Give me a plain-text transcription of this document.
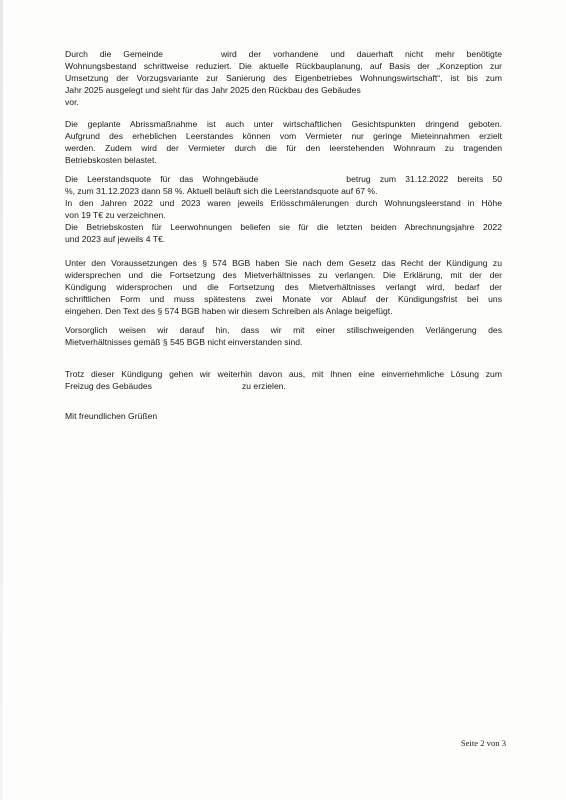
Durch die Gemeinde	wird der vorhandene und dauerhaft nicht mehr benötigte
Wohnungsbestand schrittweise reduziert. Die aktuelle Rückbauplanung, auf Basis der „Konzeption zur
Umsetzung der Vorzugsvariante zur Sanierung des Eigenbetriebes Wohnungswirtschaft“, ist bis zum
Jahr 2025 ausgelegt und sieht für das Jahr 2025 den Rückbau des Gebäudes
vor.
Die geplante Abrissmaßnahme ist auch unter wirtschaftlichen Gesichtspunkten dringend geboten.
Aufgrund des erheblichen Leerstandes können vom Vermieter nur geringe Mieteinnahmen erzielt
werden. Zudem wird der Vermieter durch die für den leerstehenden Wohnraum zu tragenden
Betriebskosten belastet.
Die Leerstandsquote für das Wohngebäude	betrug zum 31.12.2022 bereits 50
%, zum 31.12.2023 dann 58 %. Aktuell beläuft sich die Leerstandsquote auf 67 %.
In den Jahren 2022 und 2023 waren jeweils Erlösschmälerungen durch Wohnungsleerstand in Höhe
von 19 T€ zu verzeichnen.
Die Betriebskosten für Leerwohnungen beliefen sie für die letzten beiden Abrechnungsjahre 2022
und 2023 auf jeweils 4 T€.
Unter den Voraussetzungen des § 574 BGB haben Sie nach dem Gesetz das Recht der Kündigung zu
widersprechen und die Fortsetzung des Mietverhältnisses zu verlangen. Die Erklärung, mit der der
Kündigung widersprochen und die Fortsetzung des Mietverhältnisses verlangt wird, bedarf der
schriftlichen Form und muss spätestens zwei Monate vor Ablauf der Kündigungsfrist bei uns
eingehen. Den Text des § 574 BGB haben wir diesem Schreiben als Anlage beigefügt.
Vorsorglich weisen wir darauf hin, dass wir mit einer stillschweigenden Verlängerung des
Mietverhältnisses gemäß § 545 BGB nicht einverstanden sind.
Trotz dieser Kündigung gehen wir weiterhin davon aus, mit Ihnen eine einvernehmliche Lösung zum
Freizug des Gebäudes	zu erzielen.
Mit freundlichen Grüßen
Seite 2 von 3
